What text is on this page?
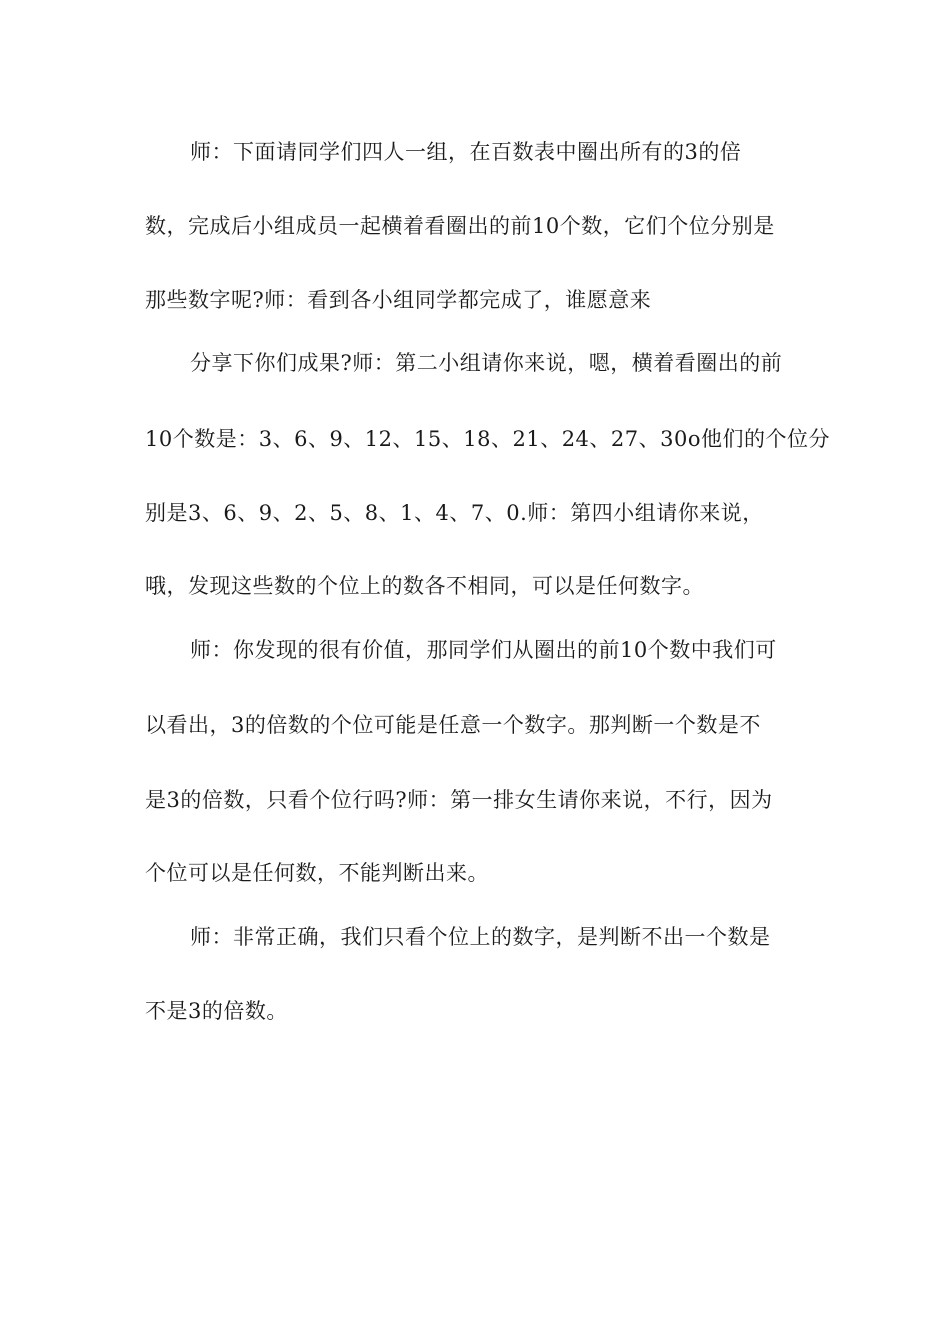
师：下面请同学们四人一组，在百数表中圈出所有的3的倍
数，完成后小组成员一起横着看圈出的前10个数，它们个位分别是
那些数字呢?师：看到各小组同学都完成了，谁愿意来
分享下你们成果?师：第二小组请你来说，嗯，横着看圈出的前
10个数是：3、6、9、12、15、18、21、24、27、30o他们的个位分
别是3、6、9、2、5、8、1、4、7、0.师：第四小组请你来说，
哦，发现这些数的个位上的数各不相同，可以是任何数字。
师：你发现的很有价值，那同学们从圈出的前10个数中我们可
以看出，3的倍数的个位可能是任意一个数字。那判断一个数是不
是3的倍数，只看个位行吗?师：第一排女生请你来说，不行，因为
个位可以是任何数，不能判断出来。
师：非常正确，我们只看个位上的数字，是判断不出一个数是
不是3的倍数。
